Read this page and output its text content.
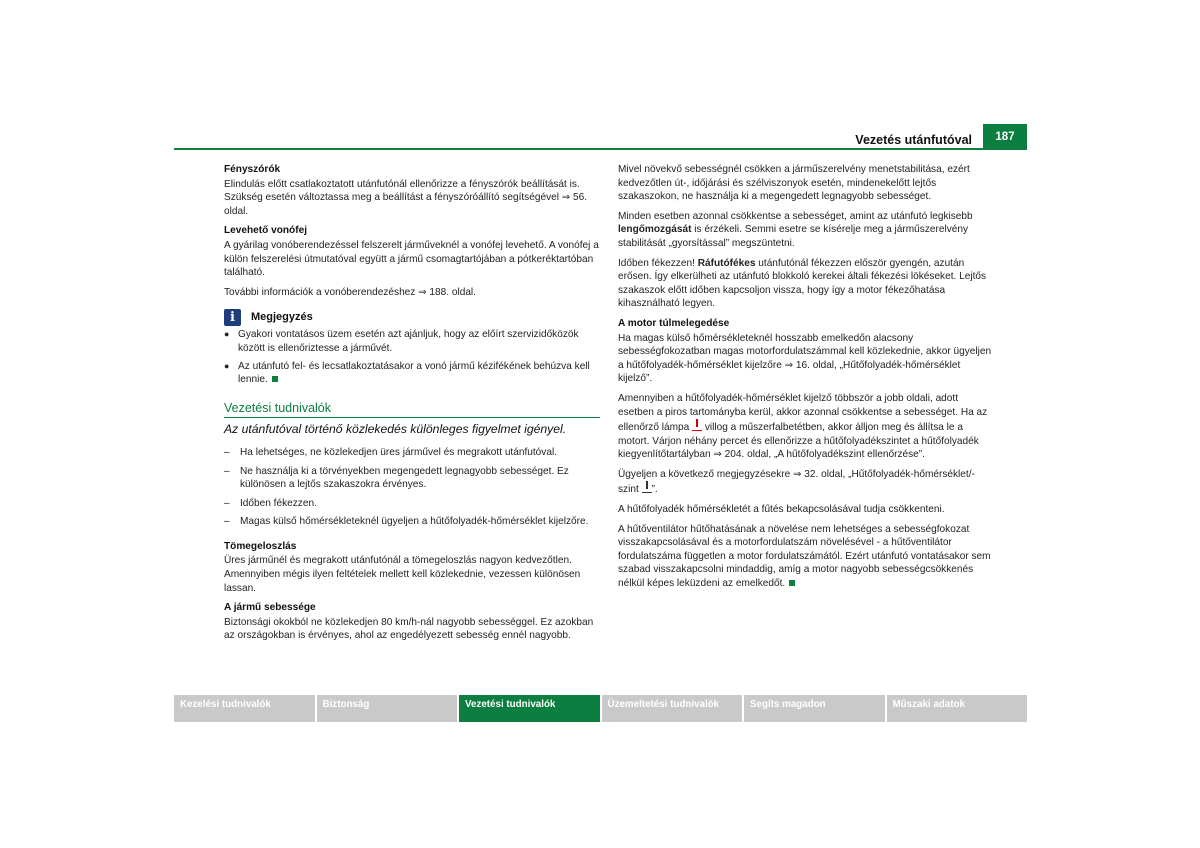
Vezetés utánfutóval	187
Fényszórók

Elindulás előtt csatlakoztatott utánfutónál ellenőrizze a fényszórók beállítását is. Szükség esetén változtassa meg a beállítást a fényszóróállító segítségével ⇒ 56. oldal.

Levehető vonófej

A gyárilag vonóberendezéssel felszerelt járműveknél a vonófej levehető. A vonófej a külön felszerelési útmutatóval együtt a jármű csomagtartójában a pótkeréktartóban található.

További információk a vonóberendezéshez ⇒ 188. oldal.

i	Megjegyzés
● Gyakori vontatásos üzem esetén azt ajánljuk, hogy az előírt szervizidőközök között is ellenőriztesse a járművét.
● Az utánfutó fel- és lecsatlakoztatásakor a vonó jármű kézifékének behúzva kell lennie.
Vezetési tudnivalók
Az utánfutóval történő közlekedés különleges figyelmet igényel.
–	Ha lehetséges, ne közlekedjen üres járművel és megrakott utánfutóval.
–	Ne használja ki a törvényekben megengedett legnagyobb sebességet. Ez különösen a lejtős szakaszokra érvényes.
–	Időben fékezzen.
–	Magas külső hőmérsékleteknél ügyeljen a hűtőfolyadék-hőmérséklet kijelzőre.
Tömegeloszlás

Üres járműnél és megrakott utánfutónál a tömegeloszlás nagyon kedvezőtlen. Amennyiben mégis ilyen feltételek mellett kell közlekednie, vezessen különösen lassan.

A jármű sebessége

Biztonsági okokból ne közlekedjen 80 km/h-nál nagyobb sebességgel. Ez azokban az országokban is érvényes, ahol az engedélyezett sebesség ennél nagyobb.

Mivel növekvő sebességnél csökken a járműszerelvény menetstabilitása, ezért kedvezőtlen út-, időjárási és szélviszonyok esetén, mindenekelőtt lejtős szakaszokon, ne használja ki a megengedett legnagyobb sebességet.

Minden esetben azonnal csökkentse a sebességet, amint az utánfutó legkisebb lengőmozgását is érzékeli. Semmi esetre se kísérelje meg a járműszerelvény stabilitását „gyorsítással” megszüntetni.

Időben fékezzen! Ráfutófékes utánfutónál fékezzen először gyengén, azután erősen. Így elkerülheti az utánfutó blokkoló kerekei általi fékezési lökéseket. Lejtős szakaszok előtt időben kapcsoljon vissza, hogy így a motor fékezőhatása kihasználható legyen.

A motor túlmelegedése

Ha magas külső hőmérsékleteknél hosszabb emelkedőn alacsony sebességfokozatban magas motorfordulatszámmal kell közlekednie, akkor ügyeljen a hűtőfolyadék-hőmérséklet kijelzőre ⇒ 16. oldal, „Hűtőfolyadék-hőmérséklet kijelző”.

Amennyiben a hűtőfolyadék-hőmérséklet kijelző többször a jobb oldali, adott esetben a piros tartományba kerül, akkor azonnal csökkentse a sebességet. Ha az ellenőrző lámpa  villog a műszerfalbetétben, akkor álljon meg és állítsa le a motort. Várjon néhány percet és ellenőrizze a hűtőfolyadékszintet a hűtőfolyadék kiegyenlítőtartályban ⇒ 204. oldal, „A hűtőfolyadékszint ellenőrzése”.

Ügyeljen a következő megjegyzésekre ⇒ 32. oldal, „Hűtőfolyadék-hőmérséklet/-szint ”.

A hűtőfolyadék hőmérsékletét a fűtés bekapcsolásával tudja csökkenteni.

A hűtőventilátor hűtőhatásának a növelése nem lehetséges a sebességfokozat visszakapcsolásával és a motorfordulatszám növelésével - a hűtőventilátor fordulatszáma független a motor fordulatszámától. Ezért utánfutó vontatásakor sem szabad visszakapcsolni mindaddig, amíg a motor nagyobb sebességcsökkenés nélkül képes leküzdeni az emelkedőt.

Kezelési tudnivalók	Biztonság	Vezetési tudnivalók	Üzemeltetési tudnivalók	Segíts magadon	Műszaki adatok
